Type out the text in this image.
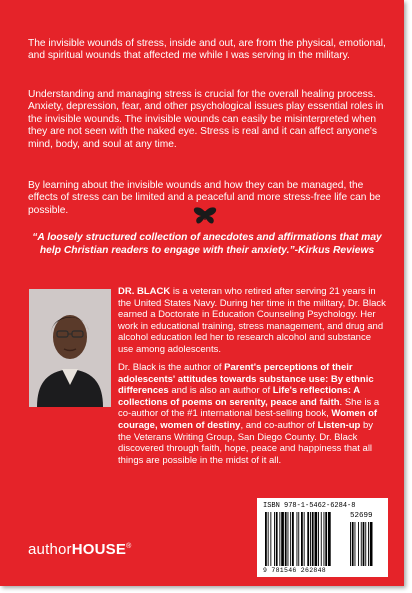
The invisible wounds of stress, inside and out, are from the physical, emotional, and spiritual wounds that affected me while I was serving in the military.

Understanding and managing stress is crucial for the overall healing process. Anxiety, depression, fear, and other psychological issues play essential roles in the invisible wounds. The invisible wounds can easily be misinterpreted when they are not seen with the naked eye. Stress is real and it can affect anyone's mind, body, and soul at any time.

By learning about the invisible wounds and how they can be managed, the effects of stress can be limited and a peaceful and more stress-free life can be possible.

“A loosely structured collection of anecdotes and affirmations that may help Christian readers to engage with their anxiety.”-Kirkus Reviews

DR. BLACK is a veteran who retired after serving 21 years in the United States Navy. During her time in the military, Dr. Black earned a Doctorate in Education Counseling Psychology. Her work in educational training, stress management, and drug and alcohol education led her to research alcohol and substance use among adolescents.

Dr. Black is the author of Parent's perceptions of their adolescents' attitudes towards substance use: By ethnic differences and is also an author of Life's reflections: A collections of poems on serenity, peace and faith. She is a co-author of the #1 international best-selling book, Women of courage, women of destiny, and co-author of Listen-up by the Veterans Writing Group, San Diego County. Dr. Black discovered through faith, hope, peace and happiness that all things are possible in the midst of it all.

authorHOUSE®
ISBN 978-1-5462-6284-8
52699
9 781546 262848
